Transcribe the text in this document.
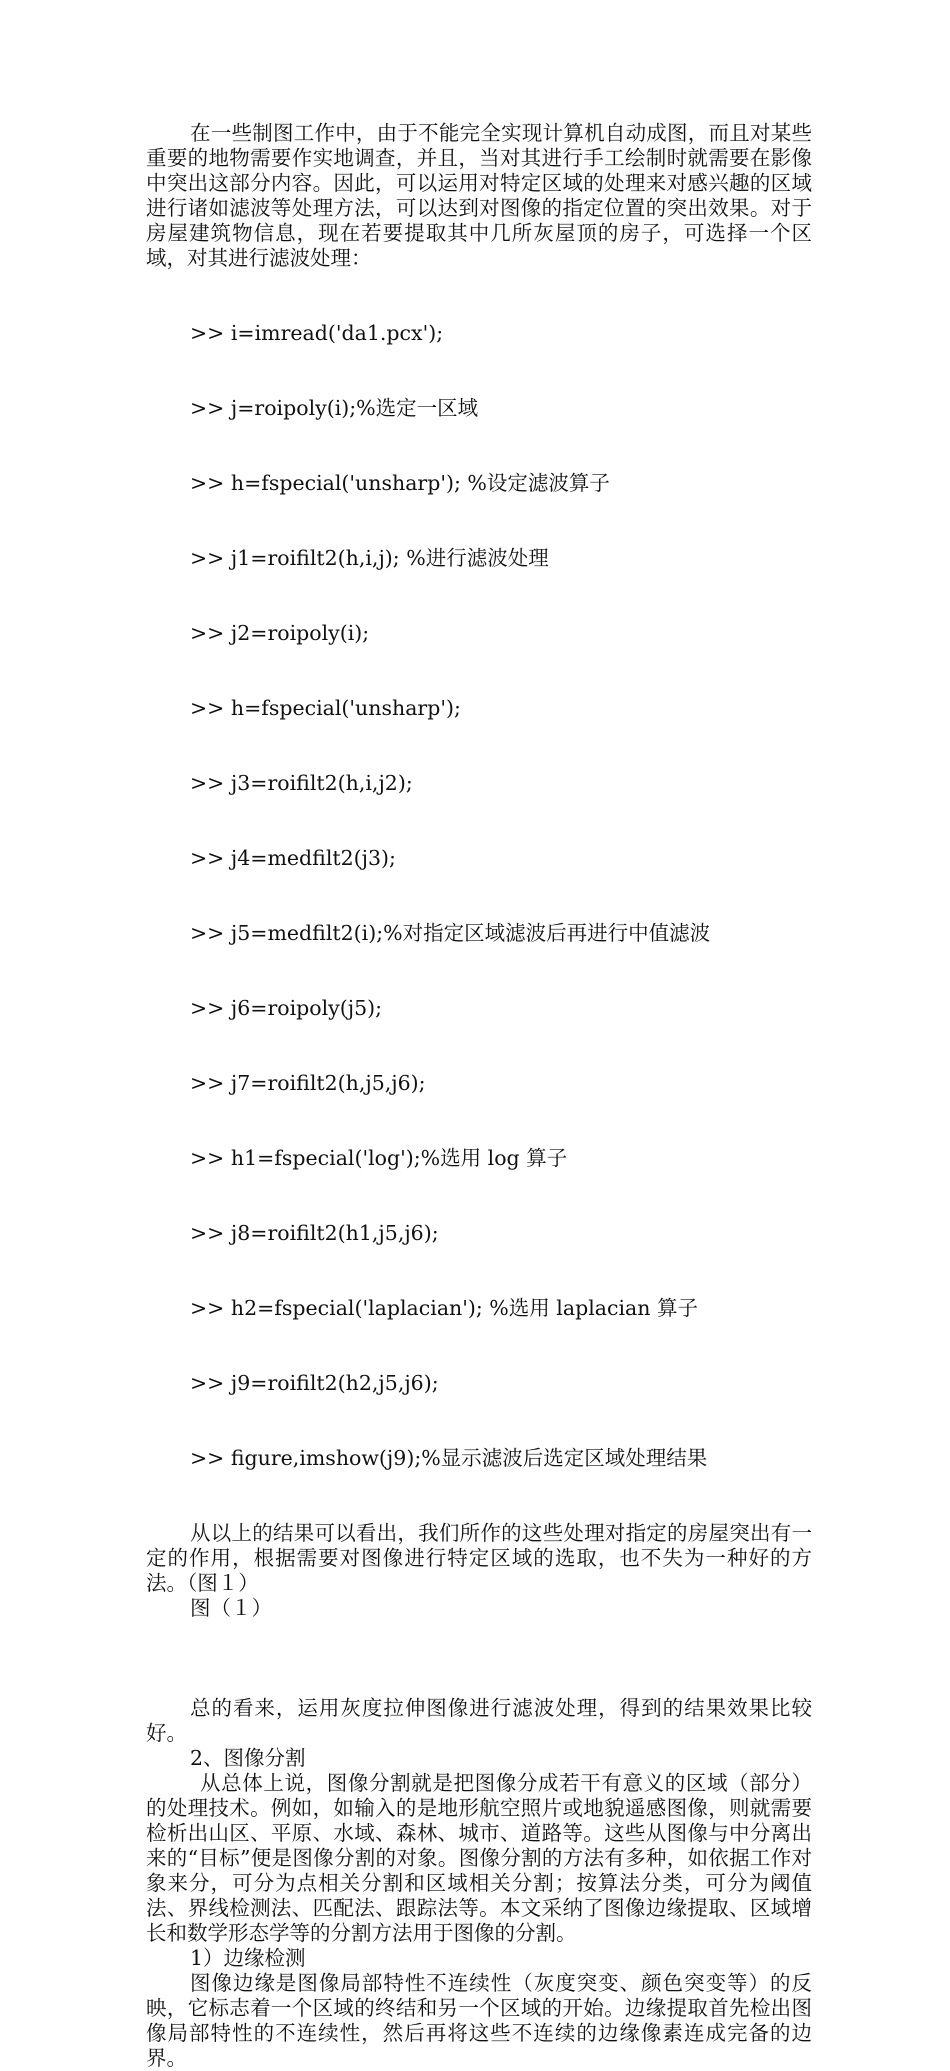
在一些制图工作中，由于不能完全实现计算机自动成图，而且对某些重要的地物需要作实地调查，并且，当对其进行手工绘制时就需要在影像中突出这部分内容。因此，可以运用对特定区域的处理来对感兴趣的区域进行诸如滤波等处理方法，可以达到对图像的指定位置的突出效果。对于房屋建筑物信息，现在若要提取其中几所灰屋顶的房子，可选择一个区域，对其进行滤波处理：

>> i=imread('da1.pcx');

>> j=roipoly(i);%选定一区域

>> h=fspecial('unsharp'); %设定滤波算子

>> j1=roifilt2(h,i,j); %进行滤波处理

>> j2=roipoly(i);

>> h=fspecial('unsharp');

>> j3=roifilt2(h,i,j2);

>> j4=medfilt2(j3);

>> j5=medfilt2(i);%对指定区域滤波后再进行中值滤波

>> j6=roipoly(j5);

>> j7=roifilt2(h,j5,j6);

>> h1=fspecial('log');%选用 log 算子

>> j8=roifilt2(h1,j5,j6);

>> h2=fspecial('laplacian'); %选用 laplacian 算子

>> j9=roifilt2(h2,j5,j6);

>> figure,imshow(j9);%显示滤波后选定区域处理结果

从以上的结果可以看出，我们所作的这些处理对指定的房屋突出有一定的作用，根据需要对图像进行特定区域的选取，也不失为一种好的方法。（图１）

图（１）

总的看来，运用灰度拉伸图像进行滤波处理，得到的结果效果比较好。

2、图像分割

从总体上说，图像分割就是把图像分成若干有意义的区域（部分）的处理技术。例如，如输入的是地形航空照片或地貌遥感图像，则就需要检析出山区、平原、水域、森林、城市、道路等。这些从图像与中分离出来的“目标”便是图像分割的对象。图像分割的方法有多种，如依据工作对象来分，可分为点相关分割和区域相关分割；按算法分类，可分为阈值法、界线检测法、匹配法、跟踪法等。本文采纳了图像边缘提取、区域增长和数学形态学等的分割方法用于图像的分割。

1）边缘检测

图像边缘是图像局部特性不连续性（灰度突变、颜色突变等）的反映，它标志着一个区域的终结和另一个区域的开始。边缘提取首先检出图像局部特性的不连续性，然后再将这些不连续的边缘像素连成完备的边界。
